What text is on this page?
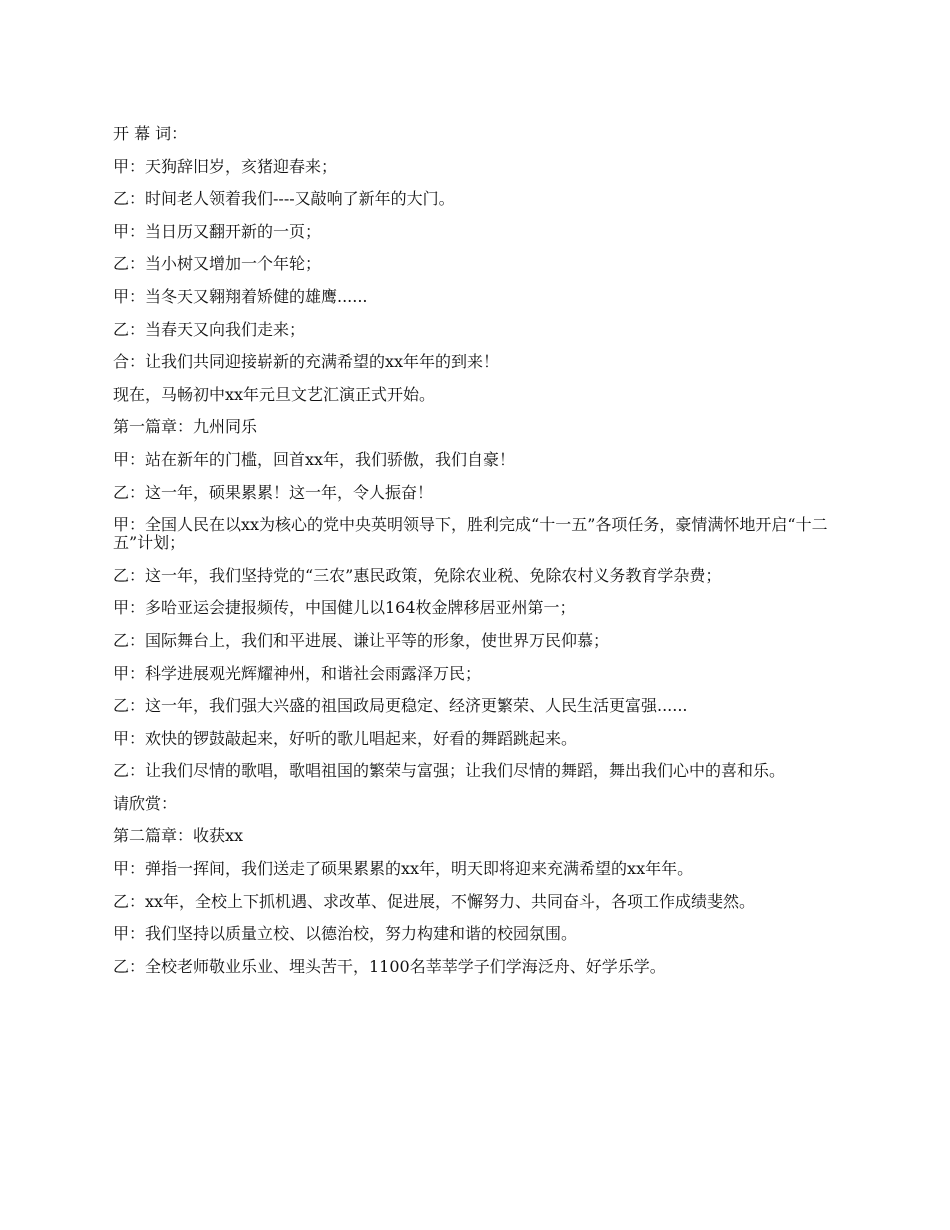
开 幕 词：

甲：天狗辞旧岁，亥猪迎春来；

乙：时间老人领着我们----又敲响了新年的大门。

甲：当日历又翻开新的一页；

乙：当小树又增加一个年轮；

甲：当冬天又翱翔着矫健的雄鹰......

乙：当春天又向我们走来；

合：让我们共同迎接崭新的充满希望的xx年年的到来！

现在，马畅初中xx年元旦文艺汇演正式开始。

第一篇章：九州同乐

甲：站在新年的门槛，回首xx年，我们骄傲，我们自豪！

乙：这一年，硕果累累！这一年，令人振奋！

甲：全国人民在以xx为核心的党中央英明领导下，胜利完成“十一五”各项任务，豪情满怀地开启“十二五”计划；

乙：这一年，我们坚持党的“三农”惠民政策，免除农业税、免除农村义务教育学杂费；

甲：多哈亚运会捷报频传，中国健儿以164枚金牌移居亚州第一；

乙：国际舞台上，我们和平进展、谦让平等的形象，使世界万民仰慕；

甲：科学进展观光辉耀神州，和谐社会雨露泽万民；

乙：这一年，我们强大兴盛的祖国政局更稳定、经济更繁荣、人民生活更富强......

甲：欢快的锣鼓敲起来，好听的歌儿唱起来，好看的舞蹈跳起来。

乙：让我们尽情的歌唱，歌唱祖国的繁荣与富强；让我们尽情的舞蹈，舞出我们心中的喜和乐。

请欣赏：

第二篇章：收获xx

甲：弹指一挥间，我们送走了硕果累累的xx年，明天即将迎来充满希望的xx年年。

乙：xx年，全校上下抓机遇、求改革、促进展，不懈努力、共同奋斗，各项工作成绩斐然。

甲：我们坚持以质量立校、以德治校，努力构建和谐的校园氛围。

乙：全校老师敬业乐业、埋头苦干，1100名莘莘学子们学海泛舟、好学乐学。
